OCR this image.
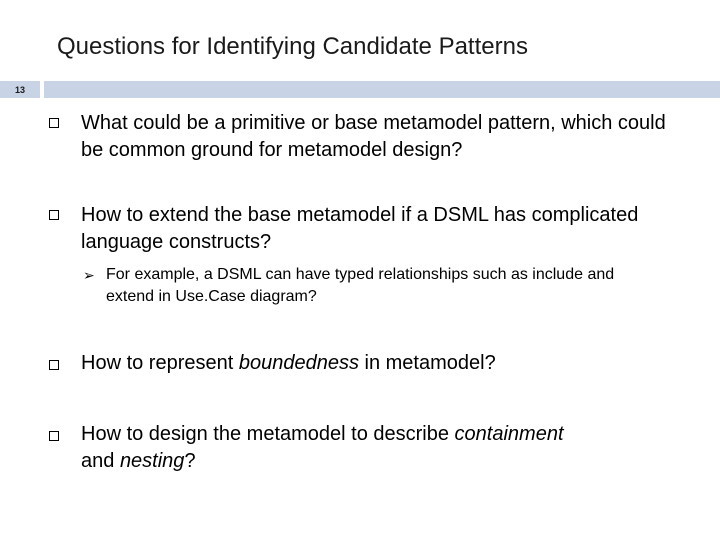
Questions for Identifying Candidate Patterns
13
What could be a primitive or base metamodel pattern, which could be common ground for metamodel design?
How to extend the base metamodel if a DSML has complicated language constructs?
➢ For example, a DSML can have typed relationships such as include and extend in Use.Case diagram?
How to represent boundedness in metamodel?
How to design the metamodel to describe containment
and nesting?
